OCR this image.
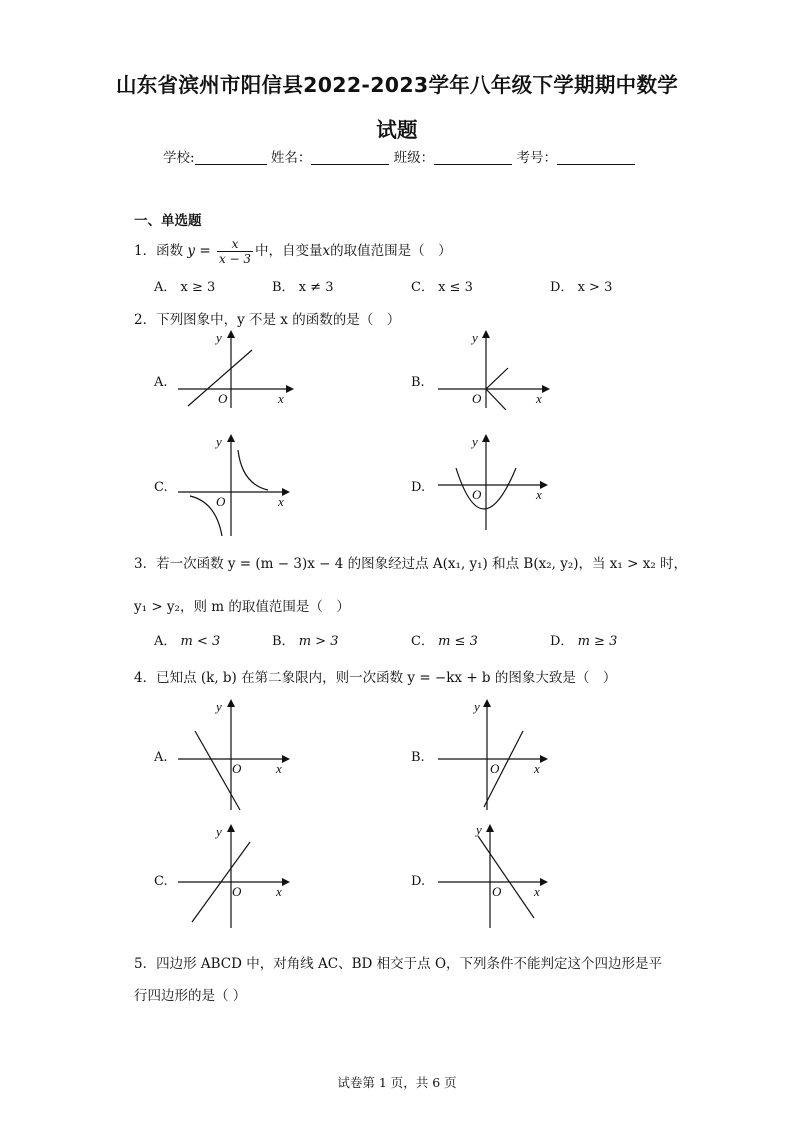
山东省滨州市阳信县2022-2023学年八年级下学期期中数学
试题
学校:	姓名：	班级：	考号：
一、单选题
1．函数 $y = \frac{x}{x - 3}$ 中，自变量x的取值范围是（　）
A． x ≥ 3	B． x ≠ 3	C． x ≤ 3	D． x > 3
2．下列图象中，y 不是 x 的函数的是（　）
A.
O	x
y
B.
O	x
y
C.
O	x
y
D.	O	x
y
3．若一次函数 y = (m − 3)x − 4 的图象经过点 A(x₁, y₁) 和点 B(x₂, y₂)，当 x₁ > x₂ 时，
y₁ > y₂，则 m 的取值范围是（　）
A． m < 3	B． m > 3	C． m ≤ 3	D． m ≥ 3
4．已知点 (k, b) 在第二象限内，则一次函数 y = −kx + b 的图象大致是（　）
A.
O	x
y
B.
O	x
y
C.
O	x
y
D.
O	x
y
5．四边形 ABCD 中，对角线 AC、BD 相交于点 O，下列条件不能判定这个四边形是平
行四边形的是（ ）
试卷第 1 页，共 6 页
